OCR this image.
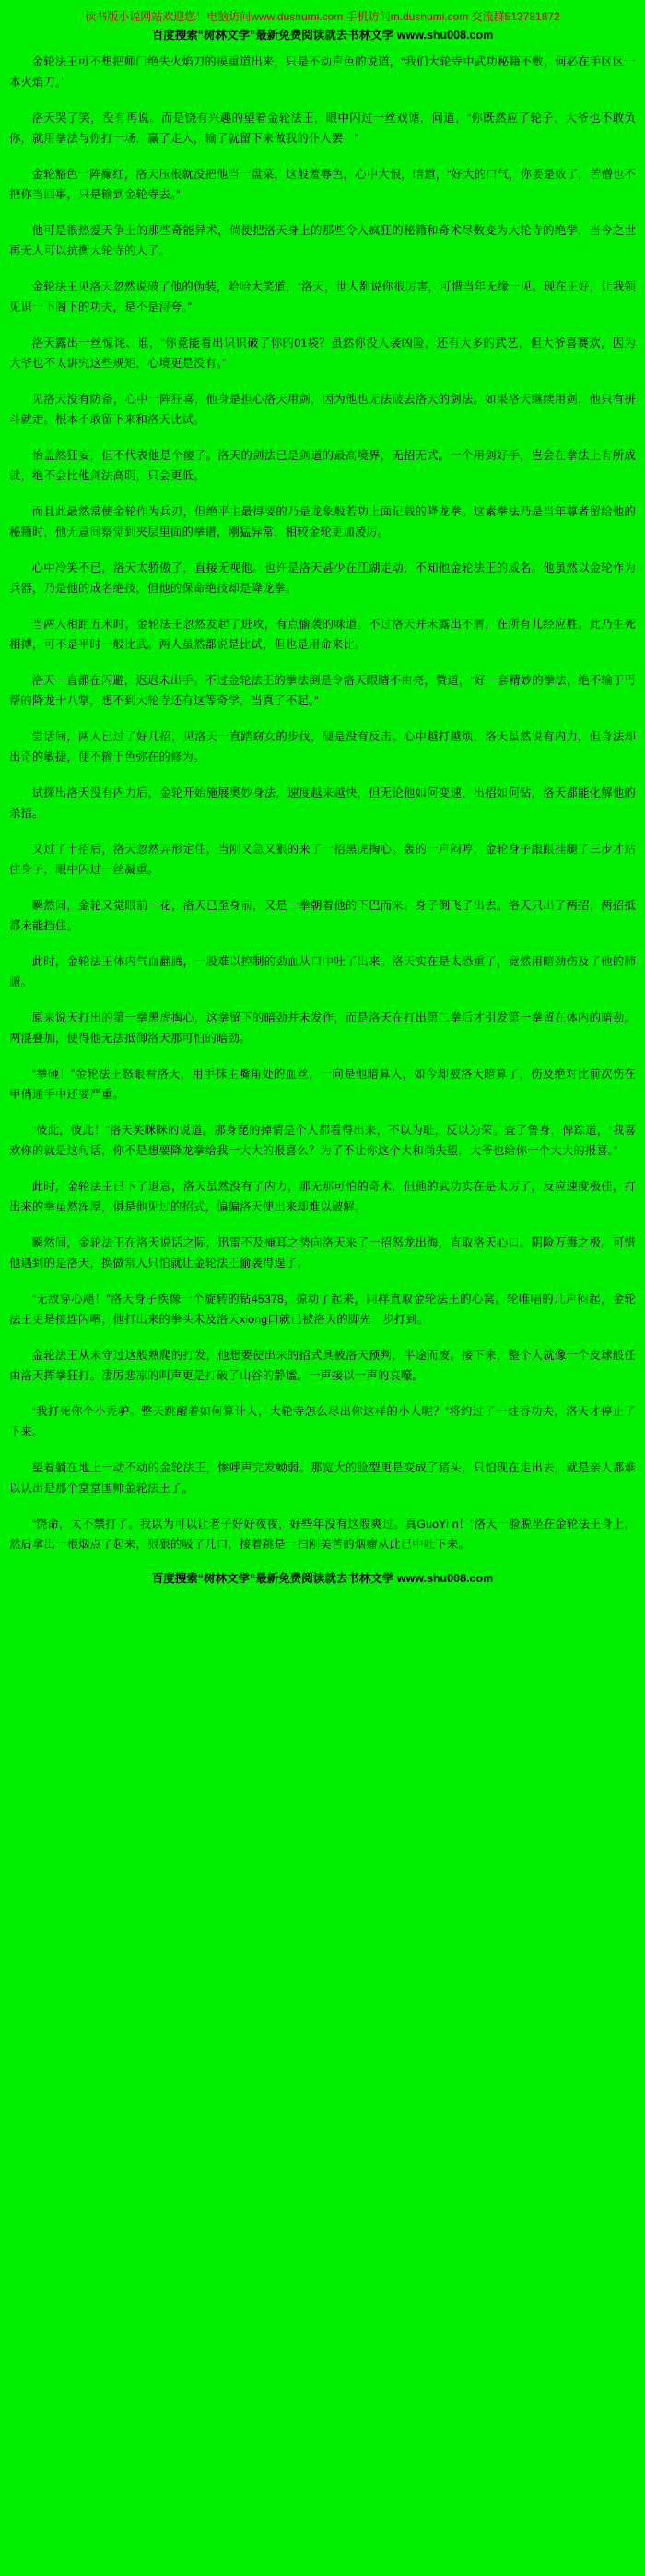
读书版小说网站欢迎您！电脑访问www.dushumi.com 手机访问m.dushumi.com 交流群513781872
百度搜索“树林文学”最新免费阅读就去书林文学 www.shu008.com

金轮法王可不想把师门绝失火焰刀的模重道出来，只是不动声色的说道，“我们大轮寺中武功秘籍不敷，何必在手区区一本火焰刀。”

洛天哭了笑，没有再说。而是饶有兴趣的望着金轮法王，眼中闪过一丝戏谑，问道，“你既然应了轮子，大爷也不敢负你，就用拳法与你打一场，赢了走人，输了就留下来做我的仆人罢！”

金轮豁色一阵癫红，洛天压根就没把他当一盘菜，这般羞辱色，心中大恨，暗道，“好大的口气，你要是败了，苦僧也不把你当回事，只是输到金轮寺去。”

他可是很热爱天争上的那些奇能异术，倘使把洛天身上的那些令人疯狂的秘籍和奇术尽数变为大轮寺的绝学，当今之世再无人可以抗衡大轮寺的人了。

金轮法王见洛天忽然说破了他的伪装，哈哈大笑道，“洛天，世人都说你很厉害，可惜当年无缘一见。现在正好，让我领见识一下阁下的功夫，是不是浔夸。”

洛天露出一丝惊诧、谁，“你竟能看出识识破了你的01袋？虽然你没人袭凶险，还有大多的武艺，但大爷喜赛欢，因为大爷也不太讲究这些规矩，心境更是没有。”

见洛天没有防备，心中一阵狂喜，他身是担心洛天用剑，因为他也无法破去洛天的剑法。如果洛天继续用剑，他只有拼斗就走。根本不敢留下来和洛天比试。

怡盖然狂妄，但不代表他是个傻子。洛天的剑法已是剑道的最高境界，无招无式。一个用剑好手，岂会在拳法上有所成就，绝不会比他剑法高明，只会更低。

而且此最然常使金轮作为兵刃，但绝平主最得要的乃是龙象般若功上面记载的降龙拳。这素拳法乃是当年尊者留给他的秘籍时，他无意间察觉到夹层里面的拳谱，刚猛异常，相较金轮更加凌厉。

心中冷笑不已，洛天太骄傲了，直接无视他。也许是洛天甚少在江湖走动，不知他金轮法王的威名。他虽然以金轮作为兵器，乃是他的成名绝技，但他的保命绝技却是降龙拳。

当两人相距五米时，金轮法王忽然发起了进攻，有点偷袭的味道。不过洛天并未露出不屑，在所有儿经应胜。此乃生死相搏，可不是平时一般比武。两人虽然都说是比试，但也是用命来比。

洛天一直都在闪避，迟迟未出手。不过金轮法王的拳法倒是令洛天眼睛不由亮，赞道，“好一套精妙的拳法，绝不输于丐帮的降龙十八掌，想不到大轮寺还有这等奇学，当真了不起。”

尝话间，两人已过了好几招，见洛天一直踏窈女的步伐，硬是没有反击。心中越打越烦，洛天虽然说有内力，但身法却出奇的敏捷，便不输于色弥在的修为。

试探出洛天没有内力后，金轮开始施展奥妙身法，速度越来越快，但无论他如何变速、出招如何钻，洛天都能化解他的杀招。

又过了十招后，洛天忽然弄形定住，当刚又急又狠的来了一招黑虎掏心。轰的一声闷哼，金轮身子跟跟挂腿了三步才站住身子，眼中闪过一丝凝重。

瞬然间，金轮又觉眼前一花，洛天已至身前，又是一拳朝着他的下巴而来。身子倒飞了出去。洛天只出了两招，两招抵都未能挡住。

此时，金轮法王体内气血翻腾，一股难以控制的劲血从口中吐了出来。洛天实在是太恐重了，竟然用暗劲伤及了他的肺腑。

原来说天打出的第一拳黑虎掏心，这拳留下的暗劲并未发作，而是洛天在打出第二拳后才引发第一拳留在体内的暗劲。两混叠加，使得他无法抵御洛天那可怕的暗劲。

“拳砸！”金轮法王怒眼看洛天，用手抹主嘴角处的血丝，一向是他暗算人，如今却被洛天暗算了，伤及绝对比前次伤在甲俏通手中还要严重。

“彼此，彼此！”洛天笑眯眯的说道。那身琵的掉情是个人都看得出来，不以为耻，反以为荣。查了鲁身，俾踪道，“我喜欢你的就是这句话，你不是想要降龙拳给我一大大的报喜么？为了不让你这个大和尚失望，大爷也给你一个大大的报喜。”

此时，金轮法王已下了退意，洛天虽然没有了内力，那无那可怕的奇术，但他的武功实在是太厉了，反应速度极佳，打出来的拳虽然浑厚，俱是他见过的招式，偏偏洛天使出来却难以破解。

瞬然间，金轮法王在洛天说话之际，迅雷不及掩耳之势向洛天来了一招怒龙出海，直取洛天心口。阴险万毒之极。可惜他遇到的是洛天，换做常人只怕就让金轮法王偷袭得逞了。

“无敌穿心飓！”洛天身子疾像一个旋转的钻45378，掠动了起来，同样直取金轮法王的心窝。轮唯唱的几声闷起，金轮法王更是接连闪喟，他打出来的拳头未及洛天xiong口就已被洛天的脚先一步打到。

金轮法王从未守过这般熟爬的打发，他想要使出来的招式具被洛天预判，半途而废。接下来，整个人就像一个皮球般任由洛天挥拳狂打。凄厉悲凉的叫声更是打破了山谷的静谧。一声接以一声的哀嚎。

“我打死你个小秃驴。整天跳醒着如何算计人，大轮寺怎么尽出你这样的小人呢？”将约过了一炷香功夫，洛天才停止了下来。

望着躺在地上一动不动的金轮法王，惨呼声完发蚴弱。那宽大的脸型更是变成了猪头，只怕现在走出去，就是亲人都难以认出是那个堂堂国师金轮法王了。

“饶命，太不禁打了。我以为可以让老子好好夜夜，好些年没有这般爽过。真GuoYi n！”洛天一脸脱坐在金轮法王身上，然后拿出一根烟点了起来，狠狠的吸了几口，接着跳是一扫刚美苦的烟瘤从此已中吐下来。

百度搜索“树林文学”最新免费阅读就去书林文学 www.shu008.com
